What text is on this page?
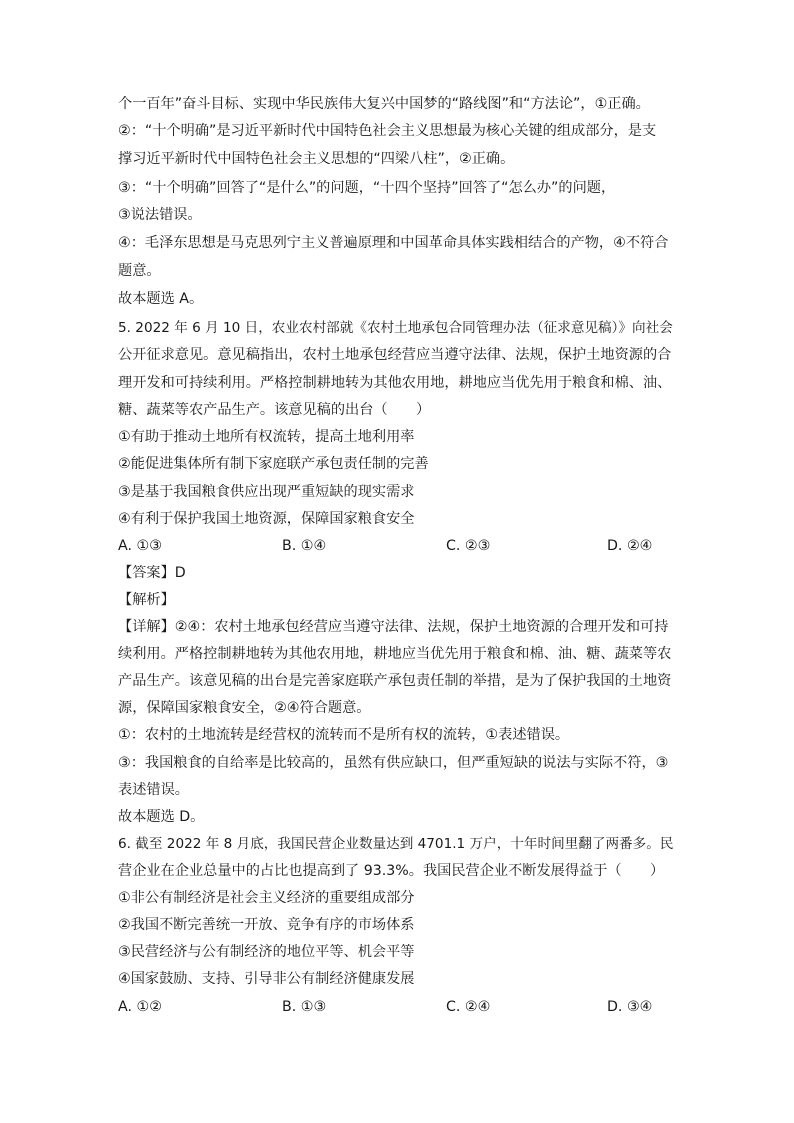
个一百年”奋斗目标、实现中华民族伟大复兴中国梦的“路线图”和“方法论”，①正确。
②：“十个明确”是习近平新时代中国特色社会主义思想最为核心关键的组成部分，是支
撑习近平新时代中国特色社会主义思想的“四梁八柱”，②正确。
③：“十个明确”回答了“是什么”的问题，“十四个坚持”回答了“怎么办”的问题，
③说法错误。
④：毛泽东思想是马克思列宁主义普遍原理和中国革命具体实践相结合的产物，④不符合
题意。
故本题选 A。
5. 2022 年 6 月 10 日，农业农村部就《农村土地承包合同管理办法（征求意见稿）》向社会
公开征求意见。意见稿指出，农村土地承包经营应当遵守法律、法规，保护土地资源的合
理开发和可持续利用。严格控制耕地转为其他农用地，耕地应当优先用于粮食和棉、油、
糖、蔬菜等农产品生产。该意见稿的出台（　　）
①有助于推动土地所有权流转，提高土地利用率
②能促进集体所有制下家庭联产承包责任制的完善
③是基于我国粮食供应出现严重短缺的现实需求
④有利于保护我国土地资源，保障国家粮食安全
A. ①③	B. ①④	C. ②③	D. ②④
【答案】D
【解析】
【详解】②④：农村土地承包经营应当遵守法律、法规，保护土地资源的合理开发和可持
续利用。严格控制耕地转为其他农用地，耕地应当优先用于粮食和棉、油、糖、蔬菜等农
产品生产。该意见稿的出台是完善家庭联产承包责任制的举措，是为了保护我国的土地资
源，保障国家粮食安全，②④符合题意。
①：农村的土地流转是经营权的流转而不是所有权的流转，①表述错误。
③：我国粮食的自给率是比较高的，虽然有供应缺口，但严重短缺的说法与实际不符，③
表述错误。
故本题选 D。
6. 截至 2022 年 8 月底，我国民营企业数量达到 4701.1 万户，十年时间里翻了两番多。民
营企业在企业总量中的占比也提高到了 93.3%。我国民营企业不断发展得益于（　　）
①非公有制经济是社会主义经济的重要组成部分
②我国不断完善统一开放、竞争有序的市场体系
③民营经济与公有制经济的地位平等、机会平等
④国家鼓励、支持、引导非公有制经济健康发展
A. ①②	B. ①③	C. ②④	D. ③④
